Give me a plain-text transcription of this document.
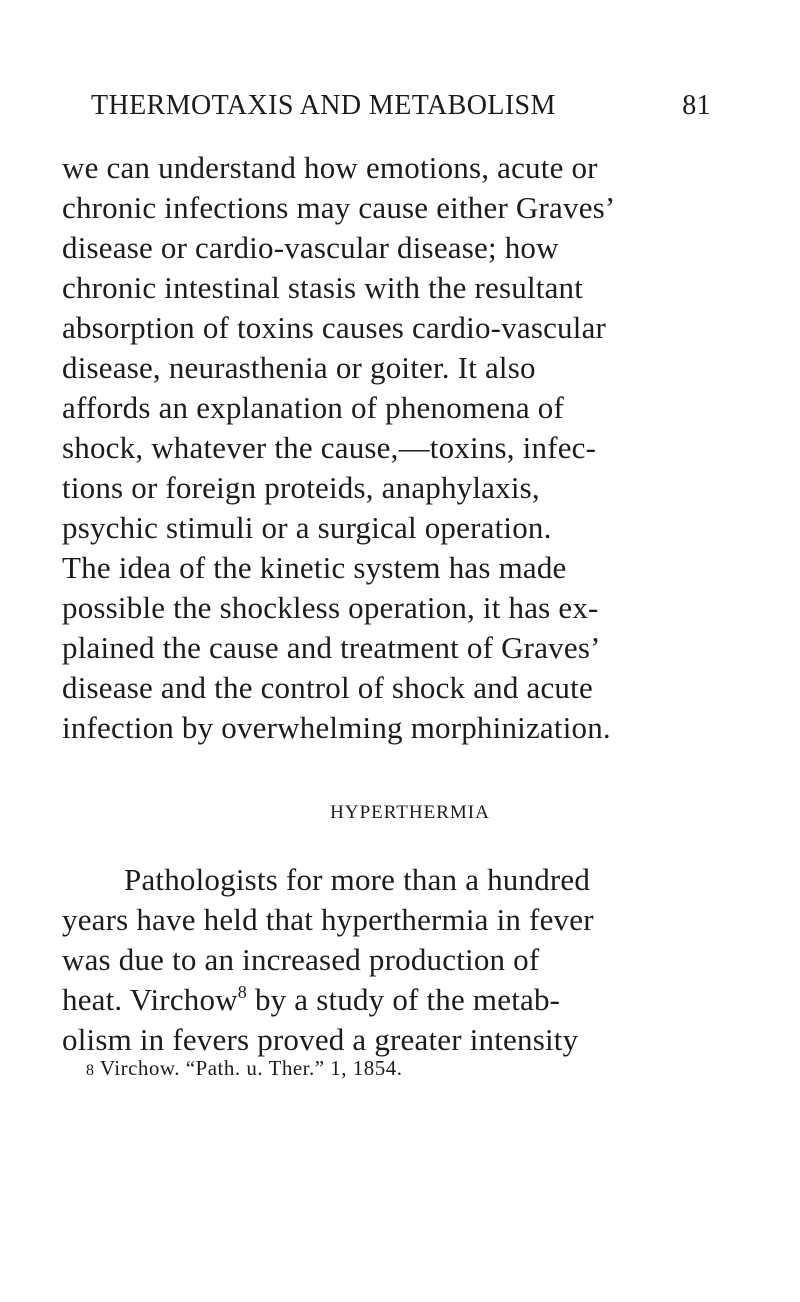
THERMOTAXIS AND METABOLISM	81
we can understand how emotions, acute or
chronic infections may cause either Graves’
disease or cardio-vascular disease; how
chronic intestinal stasis with the resultant
absorption of toxins causes cardio-vascular
disease, neurasthenia or goiter. It also
affords an explanation of phenomena of
shock, whatever the cause,—toxins, infec-
tions or foreign proteids, anaphylaxis,
psychic stimuli or a surgical operation.
The idea of the kinetic system has made
possible the shockless operation, it has ex-
plained the cause and treatment of Graves’
disease and the control of shock and acute
infection by overwhelming morphinization.
HYPERTHERMIA
Pathologists for more than a hundred
years have held that hyperthermia in fever
was due to an increased production of
heat. Virchow$^8$ by a study of the metab-
olism in fevers proved a greater intensity
8 Virchow. “Path. u. Ther.” 1, 1854.
